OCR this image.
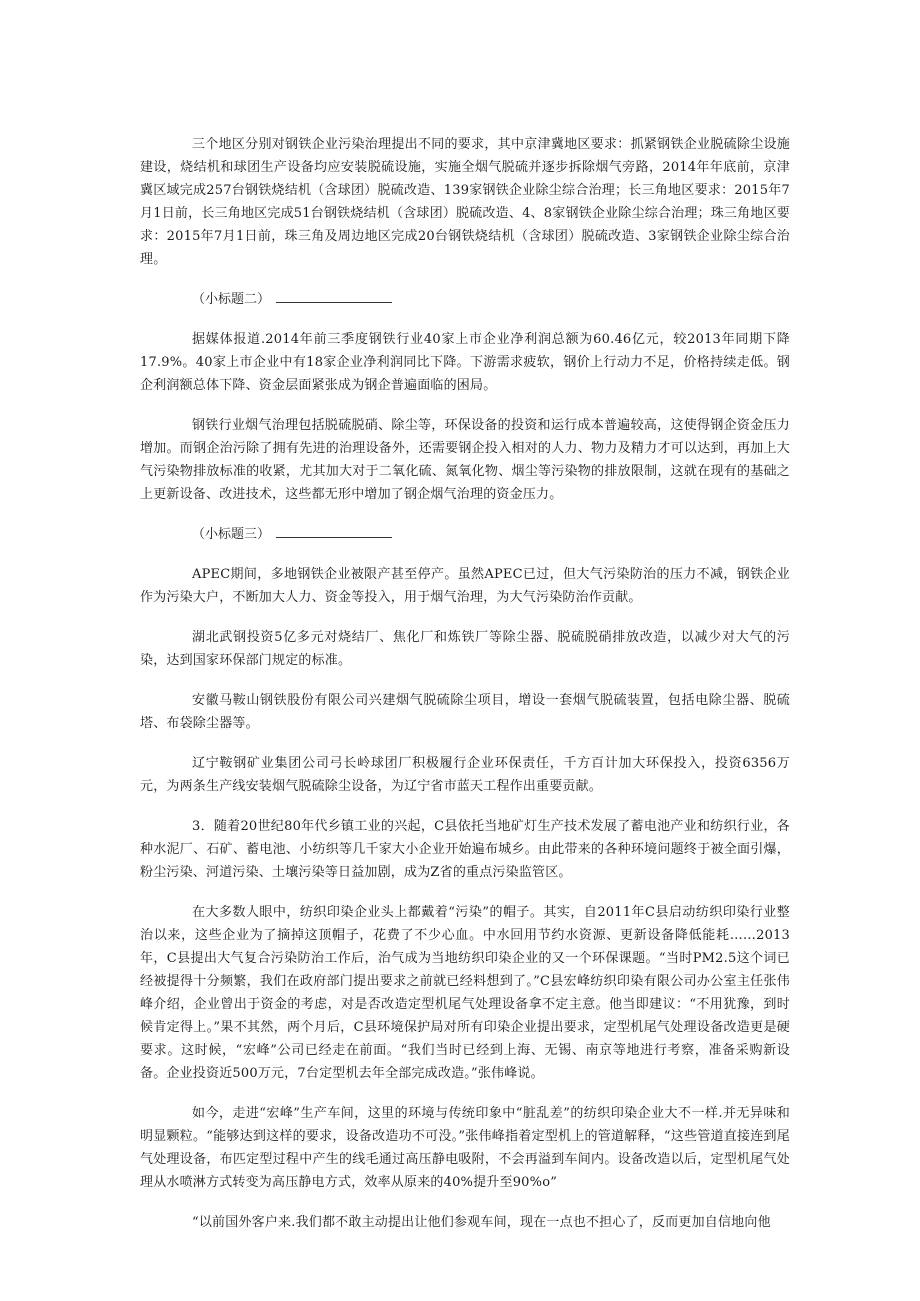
三个地区分别对钢铁企业污染治理提出不同的要求，其中京津冀地区要求：抓紧钢铁企业脱硫除尘设施建设，烧结机和球团生产设备均应安装脱硫设施，实施全烟气脱硫并逐步拆除烟气旁路，2014年年底前，京津冀区域完成257台钢铁烧结机（含球团）脱硫改造、139家钢铁企业除尘综合治理；长三角地区要求：2015年7月1日前，长三角地区完成51台钢铁烧结机（含球团）脱硫改造、4、8家钢铁企业除尘综合治理；珠三角地区要求：2015年7月1日前，珠三角及周边地区完成20台钢铁烧结机（含球团）脱硫改造、3家钢铁企业除尘综合治理。

（小标题二）

据媒体报道.2014年前三季度钢铁行业40家上市企业净利润总额为60.46亿元，较2013年同期下降17.9%。40家上市企业中有18家企业净利润同比下降。下游需求疲软，钢价上行动力不足，价格持续走低。钢企利润额总体下降、资金层面紧张成为钢企普遍面临的困局。

钢铁行业烟气治理包括脱硫脱硝、除尘等，环保设备的投资和运行成本普遍较高，这使得钢企资金压力增加。而钢企治污除了拥有先进的治理设备外，还需要钢企投入相对的人力、物力及精力才可以达到，再加上大气污染物排放标准的收紧，尤其加大对于二氧化硫、氮氧化物、烟尘等污染物的排放限制，这就在现有的基础之上更新设备、改进技术，这些都无形中增加了钢企烟气治理的资金压力。

（小标题三）

APEC期间，多地钢铁企业被限产甚至停产。虽然APEC已过，但大气污染防治的压力不减，钢铁企业作为污染大户，不断加大人力、资金等投入，用于烟气治理，为大气污染防治作贡献。

湖北武钢投资5亿多元对烧结厂、焦化厂和炼铁厂等除尘器、脱硫脱硝排放改造，以减少对大气的污染，达到国家环保部门规定的标准。

安徽马鞍山钢铁股份有限公司兴建烟气脱硫除尘项目，增设一套烟气脱硫装置，包括电除尘器、脱硫塔、布袋除尘器等。

辽宁鞍钢矿业集团公司弓长岭球团厂积极履行企业环保责任，千方百计加大环保投入，投资6356万元，为两条生产线安装烟气脱硫除尘设备，为辽宁省市蓝天工程作出重要贡献。

3．随着20世纪80年代乡镇工业的兴起，C县依托当地矿灯生产技术发展了蓄电池产业和纺织行业，各种水泥厂、石矿、蓄电池、小纺织等几千家大小企业开始遍布城乡。由此带来的各种环境问题终于被全面引爆，粉尘污染、河道污染、土壤污染等日益加剧，成为Z省的重点污染监管区。

在大多数人眼中，纺织印染企业头上都戴着“污染”的帽子。其实，自2011年C县启动纺织印染行业整治以来，这些企业为了摘掉这顶帽子，花费了不少心血。中水回用节约水资源、更新设备降低能耗……2013年，C县提出大气复合污染防治工作后，治气成为当地纺织印染企业的又一个环保课题。“当时PM2.5这个词已经被提得十分频繁，我们在政府部门提出要求之前就已经料想到了。”C县宏峰纺织印染有限公司办公室主任张伟峰介绍，企业曾出于资金的考虑，对是否改造定型机尾气处理设备拿不定主意。他当即建议：“不用犹豫，到时候肯定得上。”果不其然，两个月后，C县环境保护局对所有印染企业提出要求，定型机尾气处理设备改造更是硬要求。这时候，“宏峰”公司已经走在前面。“我们当时已经到上海、无锡、南京等地进行考察，准备采购新设备。企业投资近500万元，7台定型机去年全部完成改造。”张伟峰说。

如今，走进“宏峰”生产车间，这里的环境与传统印象中“脏乱差”的纺织印染企业大不一样.并无异味和明显颗粒。“能够达到这样的要求，设备改造功不可没。”张伟峰指着定型机上的管道解释，“这些管道直接连到尾气处理设备，布匹定型过程中产生的线毛通过高压静电吸附，不会再溢到车间内。设备改造以后，定型机尾气处理从水喷淋方式转变为高压静电方式，效率从原来的40%提升至90%o”

“以前国外客户来.我们都不敢主动提出让他们参观车间，现在一点也不担心了，反而更加自信地向他
